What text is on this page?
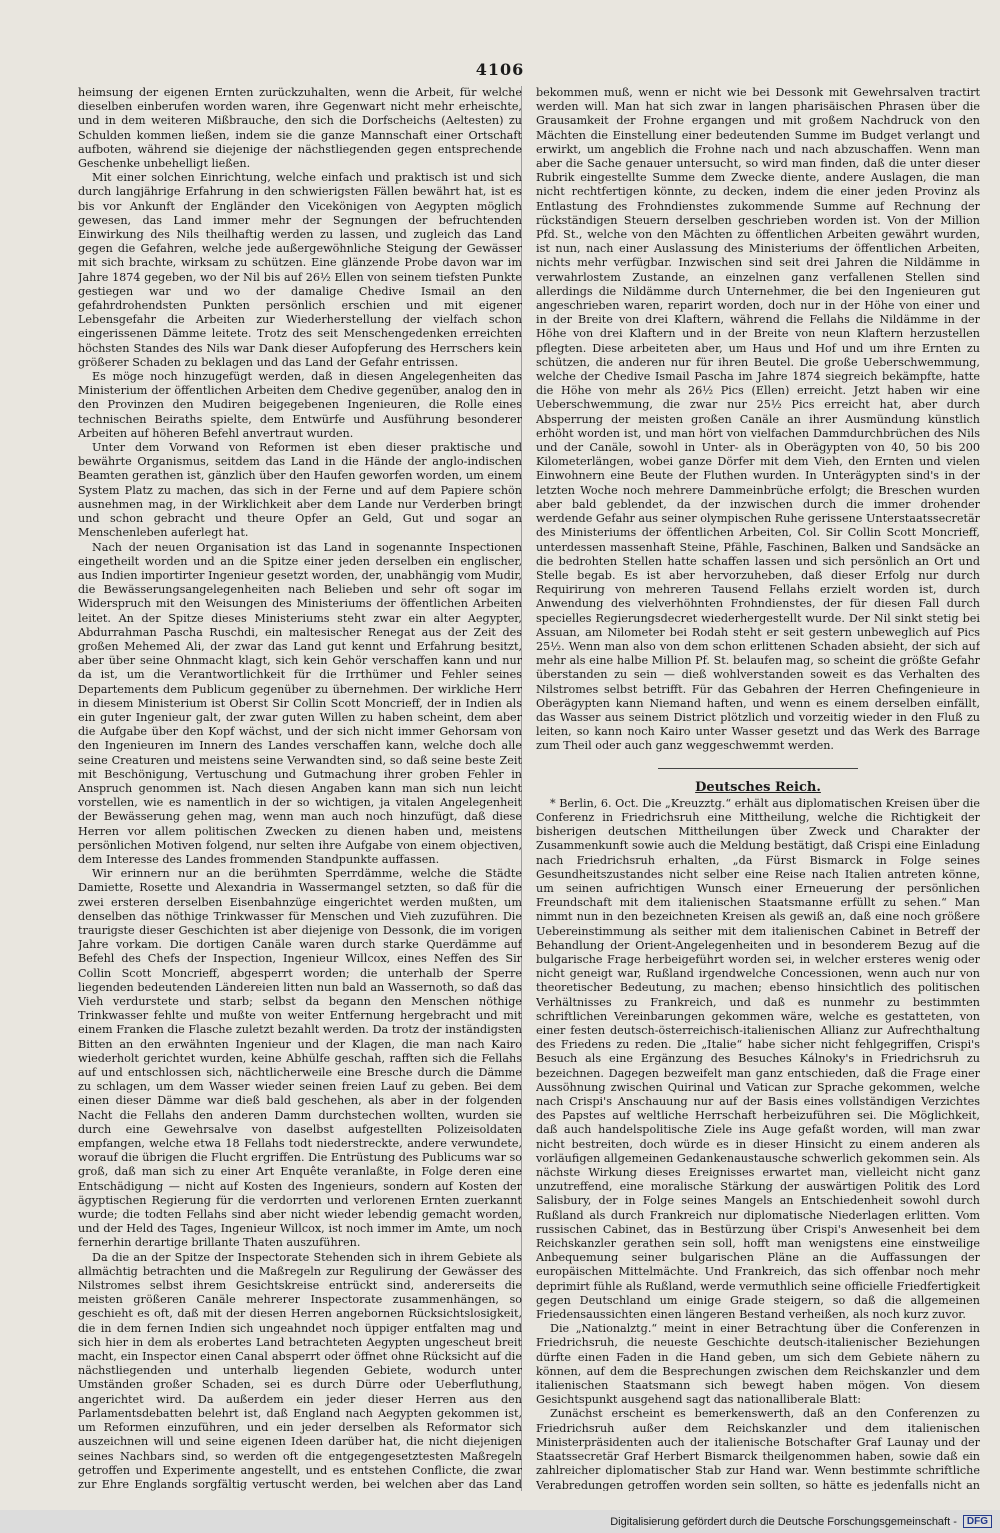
4106

heimsung der eigenen Ernten zurückzuhalten, wenn die Arbeit, für welche dieselben einberufen worden waren, ihre Gegenwart nicht mehr erheischte, und in dem weiteren Mißbrauche, den sich die Dorfscheichs (Aeltesten) zu Schulden kommen ließen, indem sie die ganze Mannschaft einer Ortschaft aufboten, während sie diejenige der nächstliegenden gegen entsprechende Geschenke unbehelligt ließen.

Mit einer solchen Einrichtung, welche einfach und praktisch ist und sich durch langjährige Erfahrung in den schwierigsten Fällen bewährt hat, ist es bis vor Ankunft der Engländer den Vicekönigen von Aegypten möglich gewesen, das Land immer mehr der Segnungen der befruchtenden Einwirkung des Nils theilhaftig werden zu lassen, und zugleich das Land gegen die Gefahren, welche jede außergewöhnliche Steigung der Gewässer mit sich brachte, wirksam zu schützen. Eine glänzende Probe davon war im Jahre 1874 gegeben, wo der Nil bis auf 26½ Ellen von seinem tiefsten Punkte gestiegen war und wo der damalige Chedive Ismail an den gefahrdrohendsten Punkten persönlich erschien und mit eigener Lebensgefahr die Arbeiten zur Wiederherstellung der vielfach schon eingerissenen Dämme leitete. Trotz des seit Menschengedenken erreichten höchsten Standes des Nils war Dank dieser Aufopferung des Herrschers kein größerer Schaden zu beklagen und das Land der Gefahr entrissen.

Es möge noch hinzugefügt werden, daß in diesen Angelegenheiten das Ministerium der öffentlichen Arbeiten dem Chedive gegenüber, analog den in den Provinzen den Mudiren beigegebenen Ingenieuren, die Rolle eines technischen Beiraths spielte, dem Entwürfe und Ausführung besonderer Arbeiten auf höheren Befehl anvertraut wurden.

Unter dem Vorwand von Reformen ist eben dieser praktische und bewährte Organismus, seitdem das Land in die Hände der anglo-indischen Beamten gerathen ist, gänzlich über den Haufen geworfen worden, um einem System Platz zu machen, das sich in der Ferne und auf dem Papiere schön ausnehmen mag, in der Wirklichkeit aber dem Lande nur Verderben bringt und schon gebracht und theure Opfer an Geld, Gut und sogar an Menschenleben auferlegt hat.

Nach der neuen Organisation ist das Land in sogenannte Inspectionen eingetheilt worden und an die Spitze einer jeden derselben ein englischer, aus Indien importirter Ingenieur gesetzt worden, der, unabhängig vom Mudir, die Bewässerungsangelegenheiten nach Belieben und sehr oft sogar im Widerspruch mit den Weisungen des Ministeriums der öffentlichen Arbeiten leitet. An der Spitze dieses Ministeriums steht zwar ein alter Aegypter, Abdurrahman Pascha Ruschdi, ein maltesischer Renegat aus der Zeit des großen Mehemed Ali, der zwar das Land gut kennt und Erfahrung besitzt, aber über seine Ohnmacht klagt, sich kein Gehör verschaffen kann und nur da ist, um die Verantwortlichkeit für die Irrthümer und Fehler seines Departements dem Publicum gegenüber zu übernehmen. Der wirkliche Herr in diesem Ministerium ist Oberst Sir Collin Scott Moncrieff, der in Indien als ein guter Ingenieur galt, der zwar guten Willen zu haben scheint, dem aber die Aufgabe über den Kopf wächst, und der sich nicht immer Gehorsam von den Ingenieuren im Innern des Landes verschaffen kann, welche doch alle seine Creaturen und meistens seine Verwandten sind, so daß seine beste Zeit mit Beschönigung, Vertuschung und Gutmachung ihrer groben Fehler in Anspruch genommen ist. Nach diesen Angaben kann man sich nun leicht vorstellen, wie es namentlich in der so wichtigen, ja vitalen Angelegenheit der Bewässerung gehen mag, wenn man auch noch hinzufügt, daß diese Herren vor allem politischen Zwecken zu dienen haben und, meistens persönlichen Motiven folgend, nur selten ihre Aufgabe von einem objectiven, dem Interesse des Landes frommenden Standpunkte auffassen.

Wir erinnern nur an die berühmten Sperrdämme, welche die Städte Damiette, Rosette und Alexandria in Wassermangel setzten, so daß für die zwei ersteren derselben Eisenbahnzüge eingerichtet werden mußten, um denselben das nöthige Trinkwasser für Menschen und Vieh zuzuführen. Die traurigste dieser Geschichten ist aber diejenige von Dessonk, die im vorigen Jahre vorkam. Die dortigen Canäle waren durch starke Querdämme auf Befehl des Chefs der Inspection, Ingenieur Willcox, eines Neffen des Sir Collin Scott Moncrieff, abgesperrt worden; die unterhalb der Sperre liegenden bedeutenden Ländereien litten nun bald an Wassernoth, so daß das Vieh verdurstete und starb; selbst da begann den Menschen nöthige Trinkwasser fehlte und mußte von weiter Entfernung hergebracht und mit einem Franken die Flasche zuletzt bezahlt werden. Da trotz der inständigsten Bitten an den erwähnten Ingenieur und der Klagen, die man nach Kairo wiederholt gerichtet wurden, keine Abhülfe geschah, rafften sich die Fellahs auf und entschlossen sich, nächtlicherweile eine Bresche durch die Dämme zu schlagen, um dem Wasser wieder seinen freien Lauf zu geben. Bei dem einen dieser Dämme war dieß bald geschehen, als aber in der folgenden Nacht die Fellahs den anderen Damm durchstechen wollten, wurden sie durch eine Gewehrsalve von daselbst aufgestellten Polizeisoldaten empfangen, welche etwa 18 Fellahs todt niederstreckte, andere verwundete, worauf die übrigen die Flucht ergriffen. Die Entrüstung des Publicums war so groß, daß man sich zu einer Art Enquête veranlaßte, in Folge deren eine Entschädigung — nicht auf Kosten des Ingenieurs, sondern auf Kosten der ägyptischen Regierung für die verdorrten und verlorenen Ernten zuerkannt wurde; die todten Fellahs sind aber nicht wieder lebendig gemacht worden, und der Held des Tages, Ingenieur Willcox, ist noch immer im Amte, um noch fernerhin derartige brillante Thaten auszuführen.

Da die an der Spitze der Inspectorate Stehenden sich in ihrem Gebiete als allmächtig betrachten und die Maßregeln zur Regulirung der Gewässer des Nilstromes selbst ihrem Gesichtskreise entrückt sind, andererseits die meisten größeren Canäle mehrerer Inspectorate zusammenhängen, so geschieht es oft, daß mit der diesen Herren angebornen Rücksichtslosigkeit, die in dem fernen Indien sich ungeahndet noch üppiger entfalten mag und sich hier in dem als erobertes Land betrachteten Aegypten ungescheut breit macht, ein Inspector einen Canal absperrt oder öffnet ohne Rücksicht auf die nächstliegenden und unterhalb liegenden Gebiete, wodurch unter Umständen großer Schaden, sei es durch Dürre oder Ueberfluthung, angerichtet wird. Da außerdem ein jeder dieser Herren aus den Parlamentsdebatten belehrt ist, daß England nach Aegypten gekommen ist, um Reformen einzuführen, und ein jeder derselben als Reformator sich auszeichnen will und seine eigenen Ideen darüber hat, die nicht diejenigen seines Nachbars sind, so werden oft die entgegengesetztesten Maßregeln getroffen und Experimente angestellt, und es entstehen Conflicte, die zwar zur Ehre Englands sorgfältig vertuscht werden, bei welchen aber das Land

bekommen muß, wenn er nicht wie bei Dessonk mit Gewehrsalven tractirt werden will. Man hat sich zwar in langen pharisäischen Phrasen über die Grausamkeit der Frohne ergangen und mit großem Nachdruck von den Mächten die Einstellung einer bedeutenden Summe im Budget verlangt und erwirkt, um angeblich die Frohne nach und nach abzuschaffen. Wenn man aber die Sache genauer untersucht, so wird man finden, daß die unter dieser Rubrik eingestellte Summe dem Zwecke diente, andere Auslagen, die man nicht rechtfertigen könnte, zu decken, indem die einer jeden Provinz als Entlastung des Frohndienstes zukommende Summe auf Rechnung der rückständigen Steuern derselben geschrieben worden ist. Von der Million Pfd. St., welche von den Mächten zu öffentlichen Arbeiten gewährt wurden, ist nun, nach einer Auslassung des Ministeriums der öffentlichen Arbeiten, nichts mehr verfügbar. Inzwischen sind seit drei Jahren die Nildämme in verwahrlostem Zustande, an einzelnen ganz verfallenen Stellen sind allerdings die Nildämme durch Unternehmer, die bei den Ingenieuren gut angeschrieben waren, reparirt worden, doch nur in der Höhe von einer und in der Breite von drei Klaftern, während die Fellahs die Nildämme in der Höhe von drei Klaftern und in der Breite von neun Klaftern herzustellen pflegten. Diese arbeiteten aber, um Haus und Hof und um ihre Ernten zu schützen, die anderen nur für ihren Beutel. Die große Ueberschwemmung, welche der Chedive Ismail Pascha im Jahre 1874 siegreich bekämpfte, hatte die Höhe von mehr als 26½ Pics (Ellen) erreicht. Jetzt haben wir eine Ueberschwemmung, die zwar nur 25½ Pics erreicht hat, aber durch Absperrung der meisten großen Canäle an ihrer Ausmündung künstlich erhöht worden ist, und man hört von vielfachen Dammdurchbrüchen des Nils und der Canäle, sowohl in Unter- als in Oberägypten von 40, 50 bis 200 Kilometerlängen, wobei ganze Dörfer mit dem Vieh, den Ernten und vielen Einwohnern eine Beute der Fluthen wurden. In Unterägypten sind's in der letzten Woche noch mehrere Dammeinbrüche erfolgt; die Breschen wurden aber bald geblendet, da der inzwischen durch die immer drohender werdende Gefahr aus seiner olympischen Ruhe gerissene Unterstaatssecretär des Ministeriums der öffentlichen Arbeiten, Col. Sir Collin Scott Moncrieff, unterdessen massenhaft Steine, Pfähle, Faschinen, Balken und Sandsäcke an die bedrohten Stellen hatte schaffen lassen und sich persönlich an Ort und Stelle begab. Es ist aber hervorzuheben, daß dieser Erfolg nur durch Requirirung von mehreren Tausend Fellahs erzielt worden ist, durch Anwendung des vielverhöhnten Frohndienstes, der für diesen Fall durch specielles Regierungsdecret wiederhergestellt wurde. Der Nil sinkt stetig bei Assuan, am Nilometer bei Rodah steht er seit gestern unbeweglich auf Pics 25½. Wenn man also von dem schon erlittenen Schaden absieht, der sich auf mehr als eine halbe Million Pf. St. belaufen mag, so scheint die größte Gefahr überstanden zu sein — dieß wohlverstanden soweit es das Verhalten des Nilstromes selbst betrifft. Für das Gebahren der Herren Chefingenieure in Oberägypten kann Niemand haften, und wenn es einem derselben einfällt, das Wasser aus seinem District plötzlich und vorzeitig wieder in den Fluß zu leiten, so kann noch Kairo unter Wasser gesetzt und das Werk des Barrage zum Theil oder auch ganz weggeschwemmt werden.

Deutsches Reich.

* Berlin, 6. Oct. Die „Kreuzztg.“ erhält aus diplomatischen Kreisen über die Conferenz in Friedrichsruh eine Mittheilung, welche die Richtigkeit der bisherigen deutschen Mittheilungen über Zweck und Charakter der Zusammenkunft sowie auch die Meldung bestätigt, daß Crispi eine Einladung nach Friedrichsruh erhalten, „da Fürst Bismarck in Folge seines Gesundheitszustandes nicht selber eine Reise nach Italien antreten könne, um seinen aufrichtigen Wunsch einer Erneuerung der persönlichen Freundschaft mit dem italienischen Staatsmanne erfüllt zu sehen.“ Man nimmt nun in den bezeichneten Kreisen als gewiß an, daß eine noch größere Uebereinstimmung als seither mit dem italienischen Cabinet in Betreff der Behandlung der Orient-Angelegenheiten und in besonderem Bezug auf die bulgarische Frage herbeigeführt worden sei, in welcher ersteres wenig oder nicht geneigt war, Rußland irgendwelche Concessionen, wenn auch nur von theoretischer Bedeutung, zu machen; ebenso hinsichtlich des politischen Verhältnisses zu Frankreich, und daß es nunmehr zu bestimmten schriftlichen Vereinbarungen gekommen wäre, welche es gestatteten, von einer festen deutsch-österreichisch-italienischen Allianz zur Aufrechthaltung des Friedens zu reden. Die „Italie“ habe sicher nicht fehlgegriffen, Crispi's Besuch als eine Ergänzung des Besuches Kálnoky's in Friedrichsruh zu bezeichnen. Dagegen bezweifelt man ganz entschieden, daß die Frage einer Aussöhnung zwischen Quirinal und Vatican zur Sprache gekommen, welche nach Crispi's Anschauung nur auf der Basis eines vollständigen Verzichtes des Papstes auf weltliche Herrschaft herbeizuführen sei. Die Möglichkeit, daß auch handelspolitische Ziele ins Auge gefaßt worden, will man zwar nicht bestreiten, doch würde es in dieser Hinsicht zu einem anderen als vorläufigen allgemeinen Gedankenaustausche schwerlich gekommen sein. Als nächste Wirkung dieses Ereignisses erwartet man, vielleicht nicht ganz unzutreffend, eine moralische Stärkung der auswärtigen Politik des Lord Salisbury, der in Folge seines Mangels an Entschiedenheit sowohl durch Rußland als durch Frankreich nur diplomatische Niederlagen erlitten. Vom russischen Cabinet, das in Bestürzung über Crispi's Anwesenheit bei dem Reichskanzler gerathen sein soll, hofft man wenigstens eine einstweilige Anbequemung seiner bulgarischen Pläne an die Auffassungen der europäischen Mittelmächte. Und Frankreich, das sich offenbar noch mehr deprimirt fühle als Rußland, werde vermuthlich seine officielle Friedfertigkeit gegen Deutschland um einige Grade steigern, so daß die allgemeinen Friedensaussichten einen längeren Bestand verheißen, als noch kurz zuvor.

Die „Nationalztg.“ meint in einer Betrachtung über die Conferenzen in Friedrichsruh, die neueste Geschichte deutsch-italienischer Beziehungen dürfte einen Faden in die Hand geben, um sich dem Gebiete nähern zu können, auf dem die Besprechungen zwischen dem Reichskanzler und dem italienischen Staatsmann sich bewegt haben mögen. Von diesem Gesichtspunkt ausgehend sagt das nationalliberale Blatt:

Zunächst erscheint es bemerkenswerth, daß an den Conferenzen zu Friedrichsruh außer dem Reichskanzler und dem italienischen Ministerpräsidenten auch der italienische Botschafter Graf Launay und der Staatssecretär Graf Herbert Bismarck theilgenommen haben, sowie daß ein zahlreicher diplomatischer Stab zur Hand war. Wenn bestimmte schriftliche Verabredungen getroffen worden sein sollten, so hätte es jedenfalls nicht an

Digitalisierung gefördert durch die Deutsche Forschungsgemeinschaft -	DFG
